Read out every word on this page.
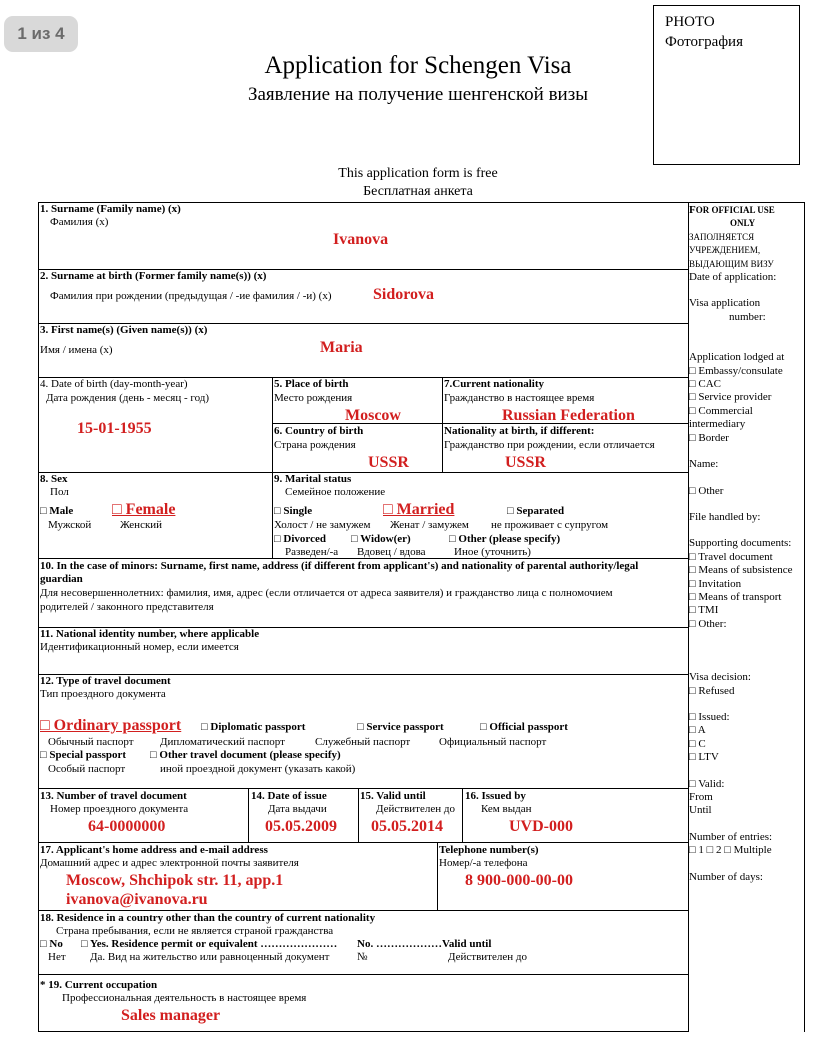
1 из 4
PHOTO
Фотография
Application for Schengen Visa
Заявление на получение шенгенской визы
This application form is free
Бесплатная анкета
1. Surname (Family name) (x)
Фамилия (x)
Ivanova
2. Surname at birth (Former family name(s)) (x)
Фамилия при рождении (предыдущая / -ие фамилия / -и) (x)	Sidorova
3. First name(s) (Given name(s)) (x)
Имя / имена (x)	Maria
4. Date of birth (day-month-year)
Дата рождения (день - месяц - год)
15-01-1955
5. Place of birth
Место рождения
Moscow
6. Country of birth
Страна рождения
USSR
7.Current nationality
Гражданство в настоящее время
Russian Federation
Nationality at birth, if different:
Гражданство при рождении, если отличается
USSR
8. Sex
Пол
□ Male
Мужской
□ Female
Женский
9. Marital status
Семейное положение
□ Single
Холост / не замужем
□ Married
Женат / замужем
□ Separated
не проживает с супругом
□ Divorced
Разведен/-а
□ Widow(er)
Вдовец / вдова
□ Other (please specify)
Иное (уточнить)
10. In the case of minors: Surname, first name, address (if different from applicant's) and nationality of parental authority/legal
guardian
Для несовершеннолетних: фамилия, имя, адрес (если отличается от адреса заявителя) и гражданство лица с полномочием
родителей / законного представителя
11. National identity number, where applicable
Идентификационный номер, если имеется
12. Type of travel document
Тип проездного документа
□ Ordinary passport □ Diplomatic passport	□ Service passport	□ Official passport
Обычный паспорт Дипломатический паспорт	Служебный паспорт	Официальный паспорт
□ Special passport □ Other travel document (please specify)
Особый паспорт	иной проездной документ (указать какой)
13. Number of travel document
Номер проездного документа
64-0000000
14. Date of issue
Дата выдачи
05.05.2009
15. Valid until
Действителен до
05.05.2014
16. Issued by
Кем выдан
UVD-000
17. Applicant's home address and e-mail address
Домашний адрес и адрес электронной почты заявителя
Moscow, Shchipok str. 11, app.1
ivanova@ivanova.ru
Telephone number(s)
Номер/-а телефона
8 900-000-00-00
18. Residence in a country other than the country of current nationality
Страна пребывания, если не является страной гражданства
□ No
Нет
□ Yes. Residence permit or equivalent …………………
Да. Вид на жительство или равноценный документ
No. ………………Valid until
№	Действителен до
* 19. Current occupation
Профессиональная деятельность в настоящее время
Sales manager
FOR OFFICIAL USE
ONLY
ЗАПОЛНЯЕТСЯ
УЧРЕЖДЕНИЕМ,
ВЫДАЮЩИМ ВИЗУ
Date of application:
Visa application
number:
Application lodged at
□ Embassy/consulate
□ CAC
□ Service provider
□ Commercial
intermediary
□ Border
Name:
□ Other
File handled by:
Supporting documents:
□ Travel document
□ Means of subsistence
□ Invitation
□ Means of transport
□ TMI
□ Other:
Visa decision:
□ Refused
□ Issued:
□ A
□ C
□ LTV
□ Valid:
From
Until
Number of entries:
□ 1 □ 2 □ Multiple
Number of days:
